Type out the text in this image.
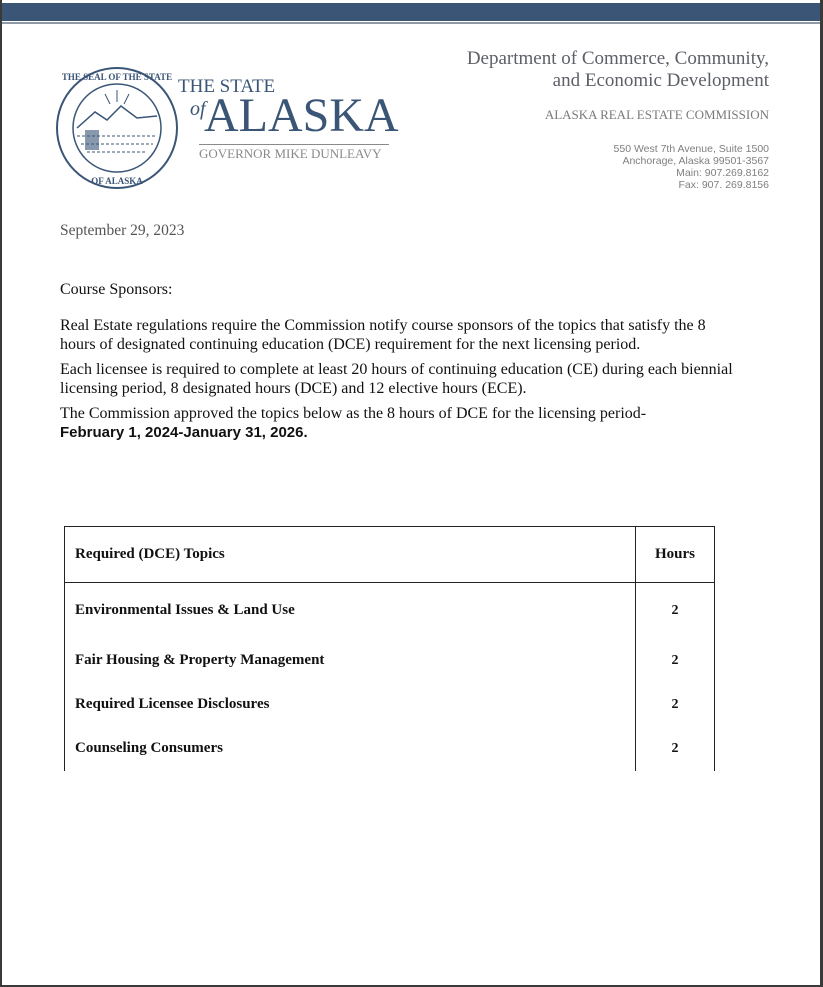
THE SEAL OF THE STATE
OF ALASKA
THE STATE
of
ALASKA
GOVERNOR MIKE DUNLEAVY
Department of Commerce, Community,
and Economic Development
ALASKA REAL ESTATE COMMISSION
550 West 7th Avenue, Suite 1500
Anchorage, Alaska 99501-3567
Main: 907.269.8162
Fax: 907. 269.8156
September 29, 2023

Course Sponsors:

Real Estate regulations require the Commission notify course sponsors of the topics that satisfy the 8 hours of designated continuing education (DCE) requirement for the next licensing period.

Each licensee is required to complete at least 20 hours of continuing education (CE) during each biennial licensing period, 8 designated hours (DCE) and 12 elective hours (ECE).

The Commission approved the topics below as the 8 hours of DCE for the licensing period-

February 1, 2024-January 31, 2026.
Required (DCE) Topics	Hours
Environmental Issues & Land Use	2
Fair Housing & Property Management	2
Required Licensee Disclosures	2
Counseling Consumers	2
